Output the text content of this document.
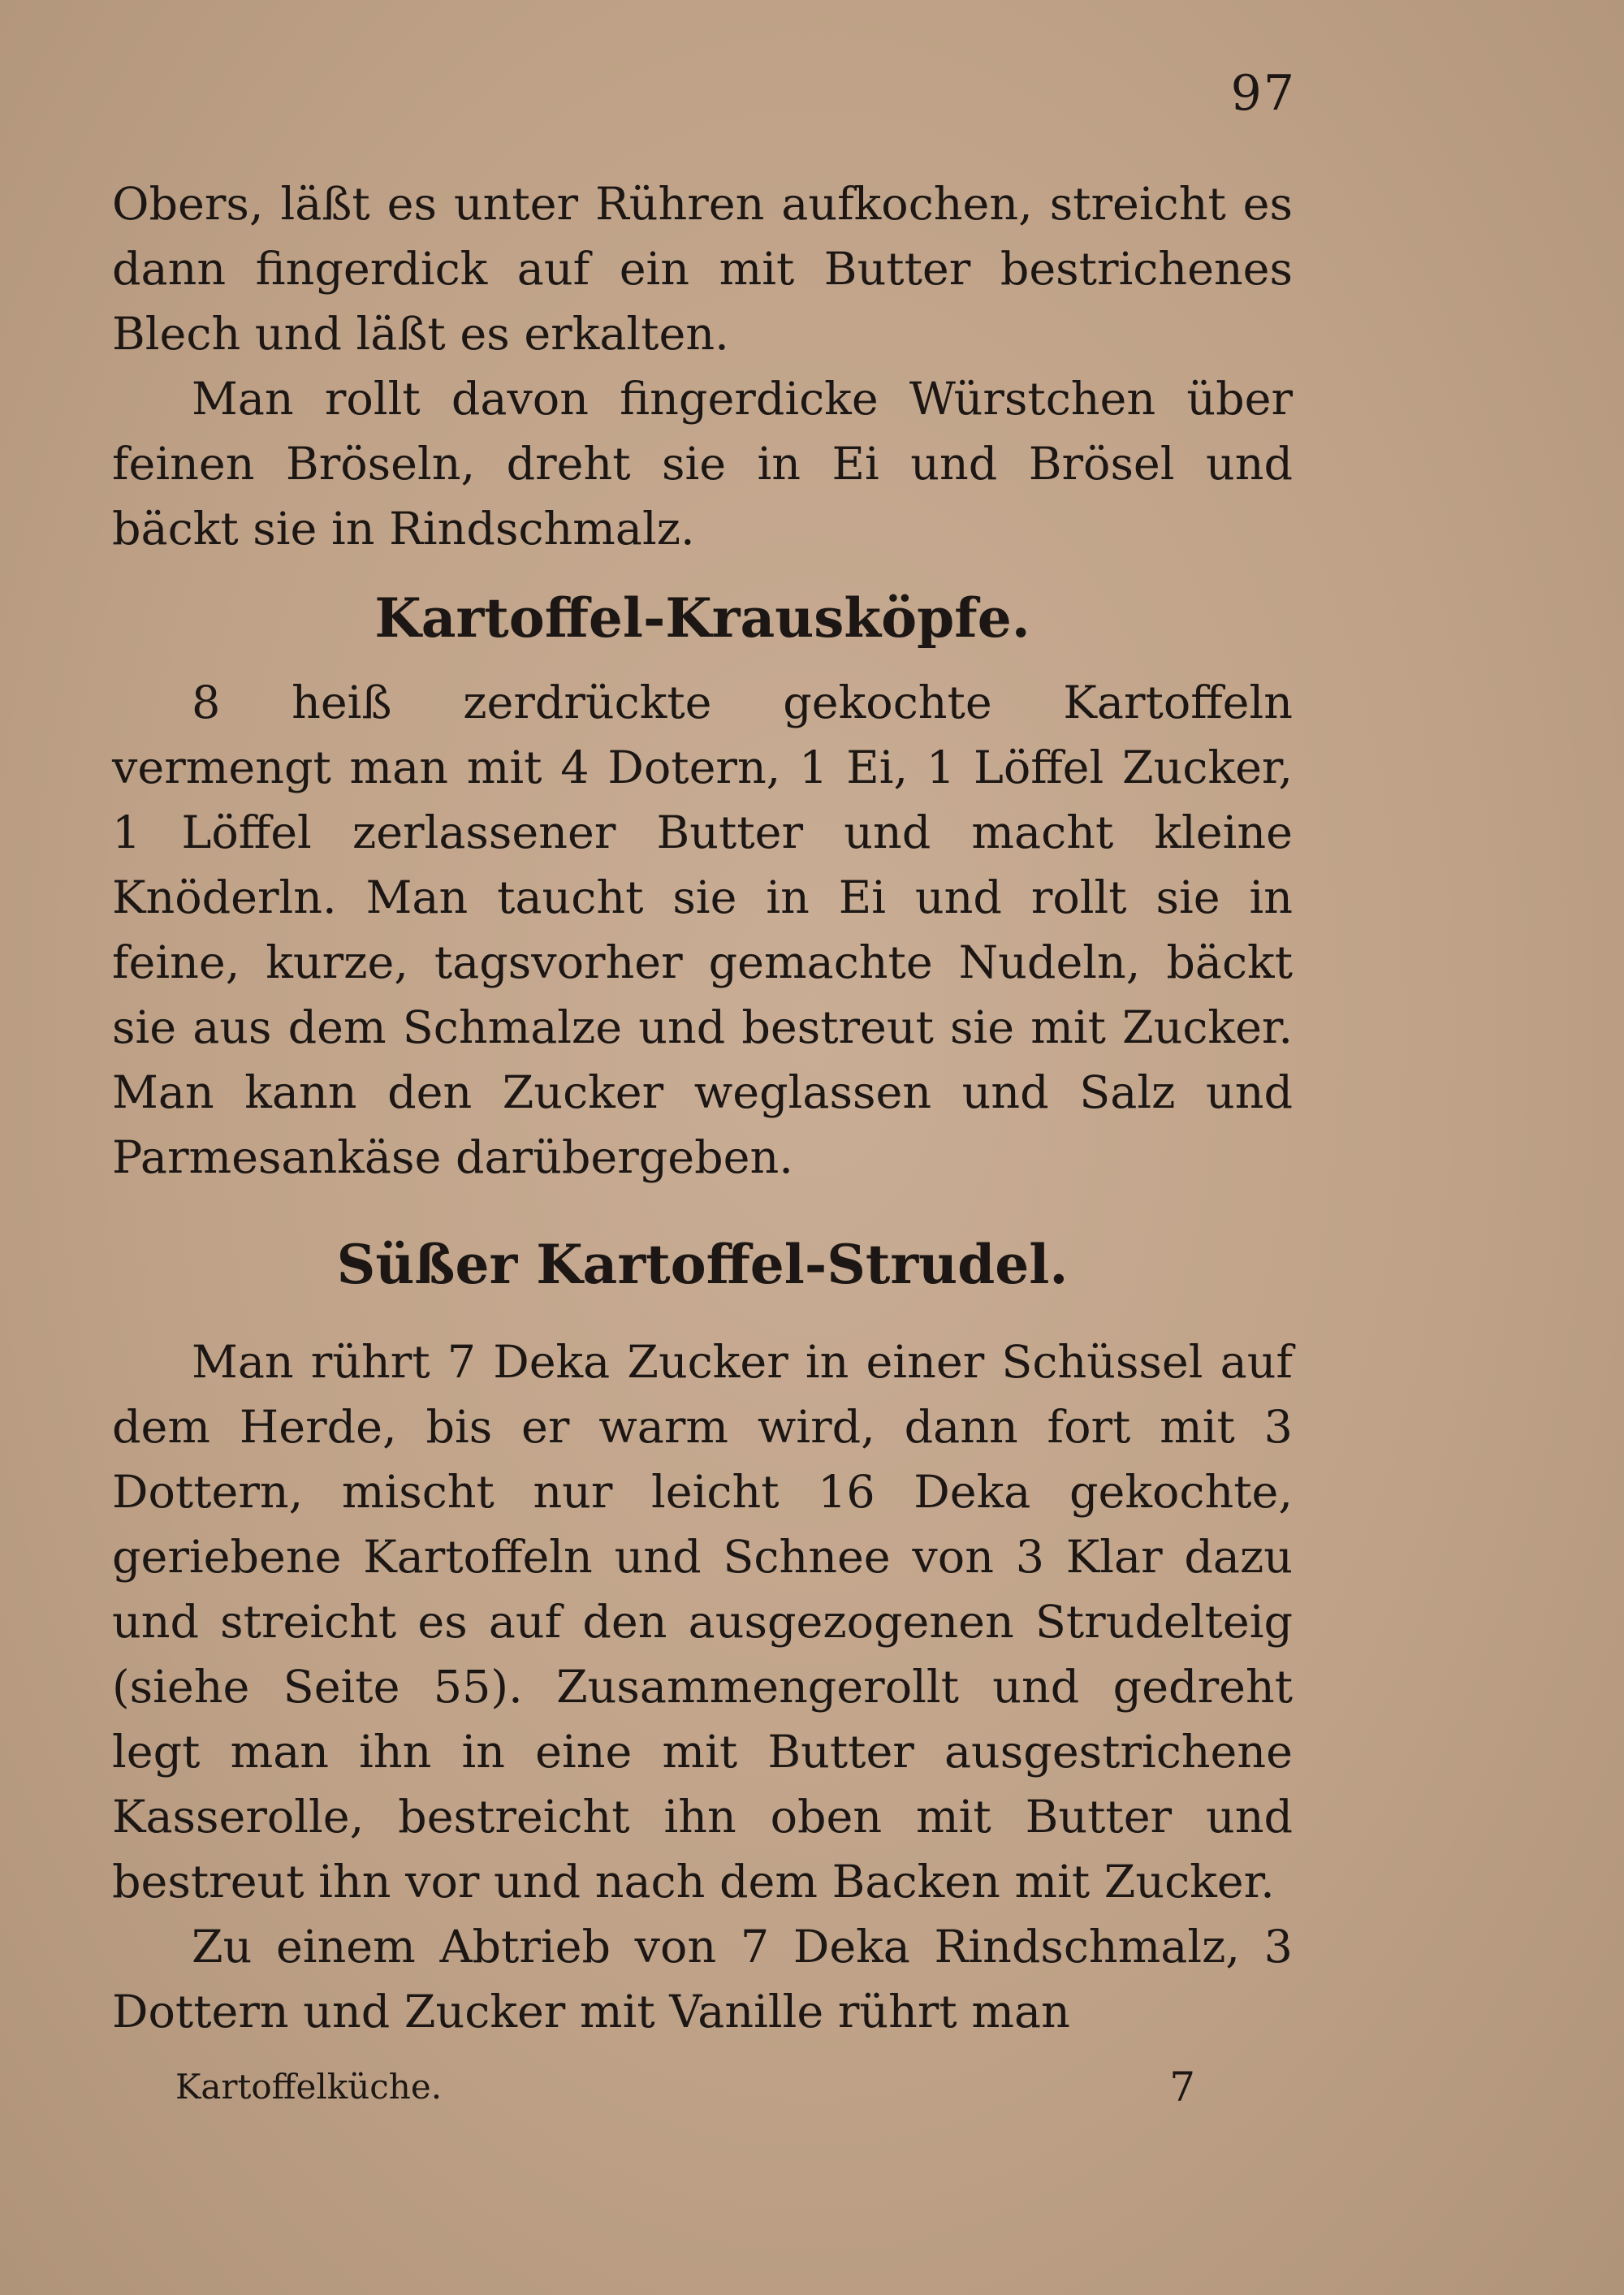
97

Obers, läßt es unter Rühren aufkochen, streicht es dann fingerdick auf ein mit Butter bestrichenes Blech und läßt es erkalten.

Man rollt davon fingerdicke Würstchen über feinen Bröseln, dreht sie in Ei und Brösel und bäckt sie in Rindschmalz.

Kartoffel-Krausköpfe.

8 heiß zerdrückte gekochte Kartoffeln vermengt man mit 4 Dotern, 1 Ei, 1 Löffel Zucker, 1 Löffel zerlassener Butter und macht kleine Knöderln. Man taucht sie in Ei und rollt sie in feine, kurze, tagsvorher gemachte Nudeln, bäckt sie aus dem Schmalze und bestreut sie mit Zucker. Man kann den Zucker weglassen und Salz und Parmesankäse darübergeben.

Süßer Kartoffel-Strudel.

Man rührt 7 Deka Zucker in einer Schüssel auf dem Herde, bis er warm wird, dann fort mit 3 Dottern, mischt nur leicht 16 Deka gekochte, geriebene Kartoffeln und Schnee von 3 Klar dazu und streicht es auf den ausgezogenen Strudelteig (siehe Seite 55). Zusammengerollt und gedreht legt man ihn in eine mit Butter ausgestrichene Kasserolle, bestreicht ihn oben mit Butter und bestreut ihn vor und nach dem Backen mit Zucker.

Zu einem Abtrieb von 7 Deka Rindschmalz, 3 Dottern und Zucker mit Vanille rührt man

Kartoffelküche.	7
